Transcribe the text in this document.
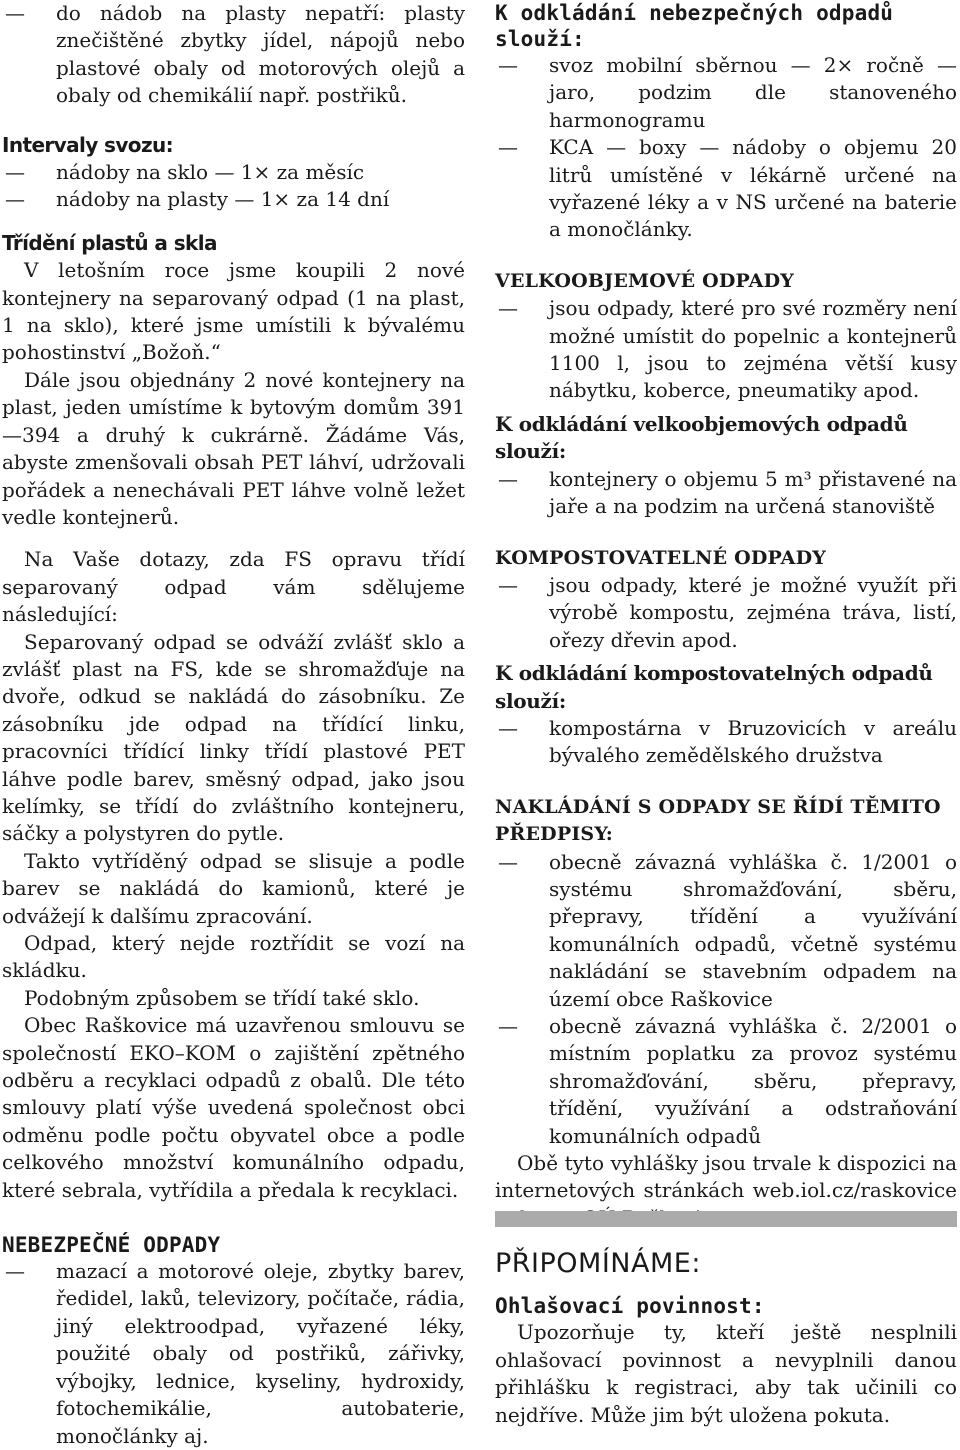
— do nádob na plasty nepatří: plasty znečištěné zbytky jídel, nápojů nebo plastové obaly od motorových olejů a obaly od chemikálií např. postřiků.
Intervaly svozu:
— nádoby na sklo — 1× za měsíc
— nádoby na plasty — 1× za 14 dní
Třídění plastů a skla
V letošním roce jsme koupili 2 nové kontejnery na separovaný odpad (1 na plast, 1 na sklo), které jsme umístili k bývalému pohostinství „Božoň.“
Dále jsou objednány 2 nové kontejnery na plast, jeden umístíme k bytovým domům 391—394 a druhý k cukrárně. Žádáme Vás, abyste zmenšovali obsah PET láhví, udržovali pořádek a nenechávali PET láhve volně ležet vedle kontejnerů.
Na Vaše dotazy, zda FS opravu třídí separovaný odpad vám sdělujeme následující:
Separovaný odpad se odváží zvlášť sklo a zvlášť plast na FS, kde se shromažďuje na dvoře, odkud se nakládá do zásobníku. Ze zásobníku jde odpad na třídící linku, pracovníci třídící linky třídí plastové PET láhve podle barev, směsný odpad, jako jsou kelímky, se třídí do zvláštního kontejneru, sáčky a polystyren do pytle.
Takto vytříděný odpad se slisuje a podle barev se nakládá do kamionů, které je odvážejí k dalšímu zpracování.
Odpad, který nejde roztřídit se vozí na skládku.
Podobným způsobem se třídí také sklo.
Obec Raškovice má uzavřenou smlouvu se společností EKO–KOM o zajištění zpětného odběru a recyklaci odpadů z obalů. Dle této smlouvy platí výše uvedená společnost obci odměnu podle počtu obyvatel obce a podle celkového množství komunálního odpadu, které sebrala, vytřídila a předala k recyklaci.
NEBEZPEČNÉ ODPADY
— mazací a motorové oleje, zbytky barev, ředidel, laků, televizory, počítače, rádia, jiný elektroodpad, vyřazené léky, použité obaly od postřiků, zářivky, výbojky, lednice, kyseliny, hydroxidy, fotochemikálie, autobaterie, monočlánky aj.
K odkládání nebezpečných odpadů slouží:
— svoz mobilní sběrnou — 2× ročně — jaro, podzim dle stanoveného harmonogramu
— KCA — boxy — nádoby o objemu 20 litrů umístěné v lékárně určené na vyřazené léky a v NS určené na baterie a monočlánky.
VELKOOBJEMOVÉ ODPADY
— jsou odpady, které pro své rozměry není možné umístit do popelnic a kontejnerů 1100 l, jsou to zejména větší kusy nábytku, koberce, pneumatiky apod.
K odkládání velkoobjemových odpadů slouží:
— kontejnery o objemu 5 m³ přistavené na jaře a na podzim na určená stanoviště
KOMPOSTOVATELNÉ ODPADY
— jsou odpady, které je možné využít při výrobě kompostu, zejména tráva, listí, ořezy dřevin apod.
K odkládání kompostovatelných odpadů slouží:
— kompostárna v Bruzovicích v areálu bývalého zemědělského družstva
NAKLÁDÁNÍ S ODPADY SE ŘÍDÍ TĚMITO PŘEDPISY:
— obecně závazná vyhláška č. 1/2001 o systému shromažďování, sběru, přepravy, třídění a využívání komunálních odpadů, včetně systému nakládání se stavebním odpadem na území obce Raškovice
— obecně závazná vyhláška č. 2/2001 o místním poplatku za provoz systému shromažďování, sběru, přepravy, třídění, využívání a odstraňování komunálních odpadů
Obě tyto vyhlášky jsou trvale k dispozici na internetových stránkách web.iol.cz/raskovice
PŘIPOMÍNÁME:
Ohlašovací povinnost:
Upozorňuje ty, kteří ještě nesplnili ohlašovací povinnost a nevyplnili danou přihlášku k registraci, aby tak učinili co nejdříve. Může jim být uložena pokuta.
